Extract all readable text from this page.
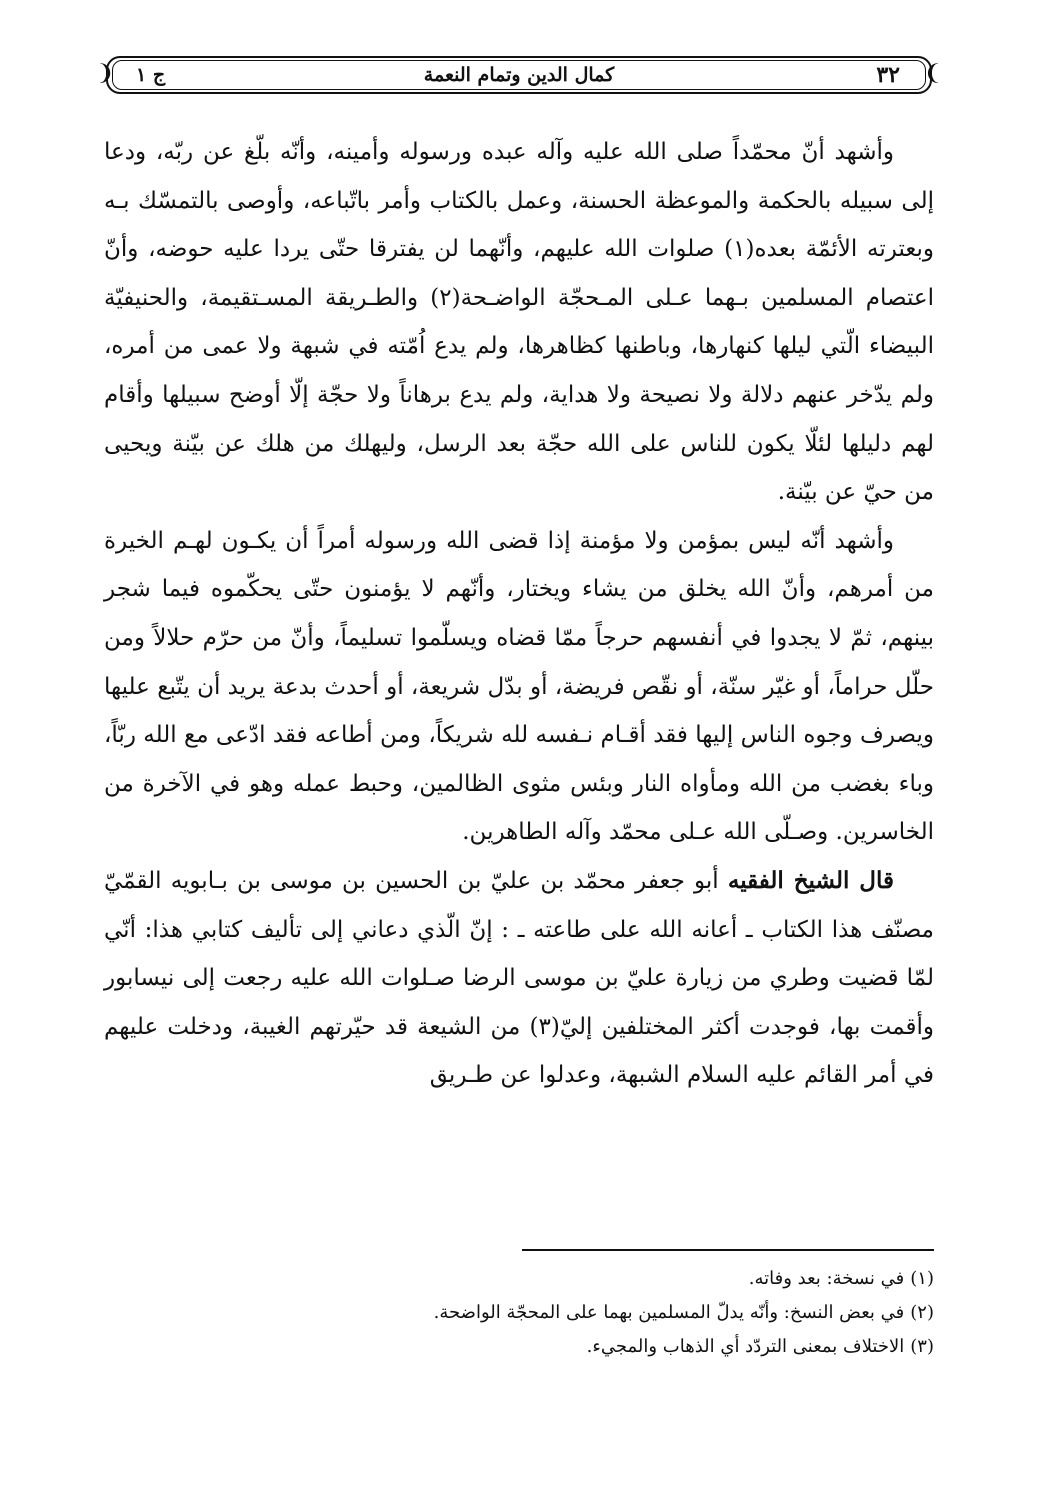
❨
❩	٣٢
كمال الدين وتمام النعمة
ج ١

وأشهد أنّ محمّداً صلى الله عليه وآله عبده ورسوله وأمينه، وأنّه بلّغ عن ربّه، ودعا إلى سبيله بالحكمة والموعظة الحسنة، وعمل بالكتاب وأمر باتّباعه، وأوصى بالتمسّك بـه وبعترته الأئمّة بعده(١) صلوات الله عليهم، وأنّهما لن يفترقا حتّى يردا عليه حوضه، وأنّ اعتصام المسلمين بـهما عـلى المـحجّة الواضـحة(٢) والطـريقة المسـتقيمة، والحنيفيّة البيضاء الّتي ليلها كنهارها، وباطنها كظاهرها، ولم يدع اُمّته في شبهة ولا عمى من أمره، ولم يدّخر عنهم دلالة ولا نصيحة ولا هداية، ولم يدع برهاناً ولا حجّة إلّا أوضح سبيلها وأقام لهم دليلها لئلّا يكون للناس على الله حجّة بعد الرسل، وليهلك من هلك عن بيّنة ويحيى من حيّ عن بيّنة.

وأشهد أنّه ليس بمؤمن ولا مؤمنة إذا قضى الله ورسوله أمراً أن يكـون لهـم الخيرة من أمرهم، وأنّ الله يخلق من يشاء ويختار، وأنّهم لا يؤمنون حتّى يحكّموه فيما شجر بينهم، ثمّ لا يجدوا في أنفسهم حرجاً ممّا قضاه ويسلّموا تسليماً، وأنّ من حرّم حلالاً ومن حلّل حراماً، أو غيّر سنّة، أو نقّص فريضة، أو بدّل شريعة، أو أحدث بدعة يريد أن يتّبع عليها ويصرف وجوه الناس إليها فقد أقـام نـفسه لله شريكاً، ومن أطاعه فقد ادّعى مع الله ربّاً، وباء بغضب من الله ومأواه النار وبئس مثوى الظالمين، وحبط عمله وهو في الآخرة من الخاسرين. وصـلّى الله عـلى محمّد وآله الطاهرين.

قال الشيخ الفقيه أبو جعفر محمّد بن عليّ بن الحسين بن موسى بن بـابويه القمّيّ مصنّف هذا الكتاب ـ أعانه الله على طاعته ـ : إنّ الّذي دعاني إلى تأليف كتابي هذا: أنّي لمّا قضيت وطري من زيارة عليّ بن موسى الرضا صـلوات الله عليه رجعت إلى نيسابور وأقمت بها، فوجدت أكثر المختلفين إليّ(٣) من الشيعة قد حيّرتهم الغيبة، ودخلت عليهم في أمر القائم عليه السلام الشبهة، وعدلوا عن طـريق

(١)في نسخة: بعد وفاته.
(٢)في بعض النسخ: وأنّه يدلّ المسلمين بهما على المحجّة الواضحة.
(٣)الاختلاف بمعنى التردّد أي الذهاب والمجيء.
